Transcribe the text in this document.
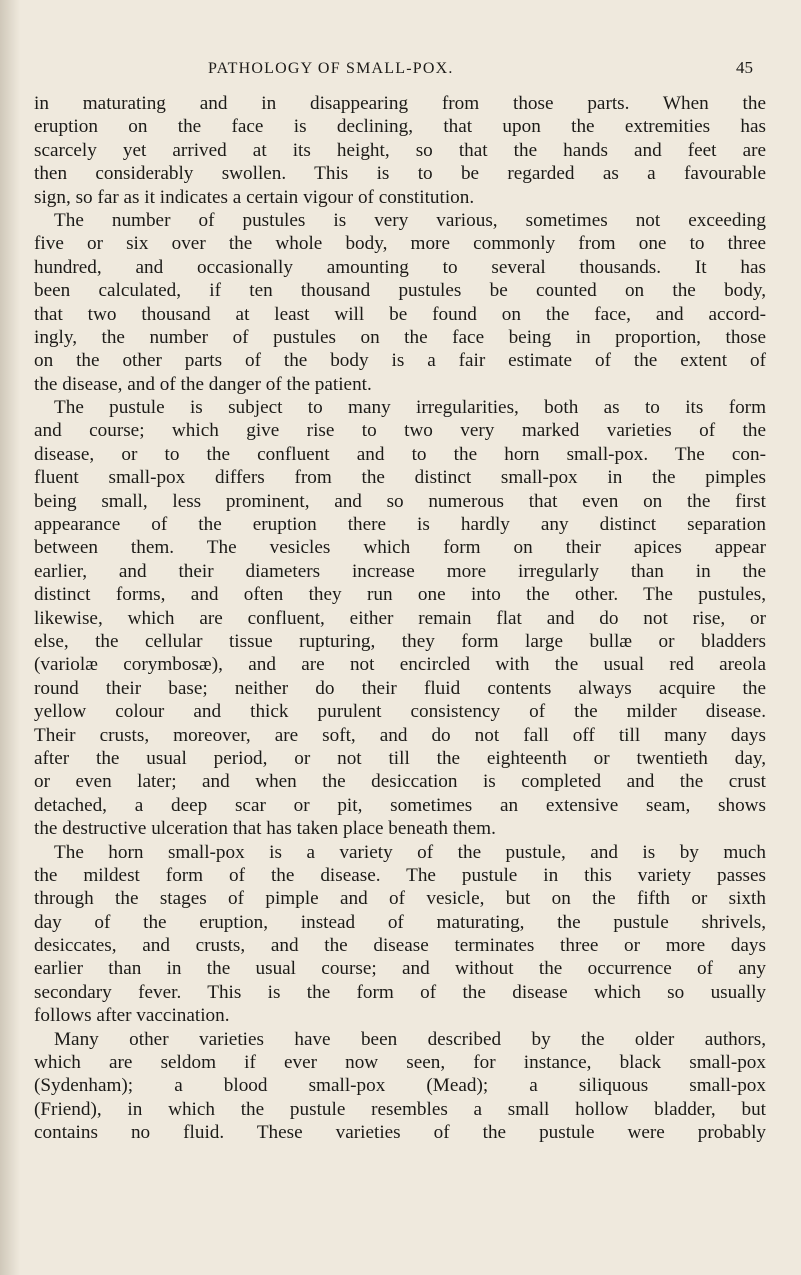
PATHOLOGY OF SMALL-POX.	45
in maturating and in disappearing from those parts. When the
eruption on the face is declining, that upon the extremities has
scarcely yet arrived at its height, so that the hands and feet are
then considerably swollen. This is to be regarded as a favourable
sign, so far as it indicates a certain vigour of constitution.
The number of pustules is very various, sometimes not exceeding
five or six over the whole body, more commonly from one to three
hundred, and occasionally amounting to several thousands. It has
been calculated, if ten thousand pustules be counted on the body,
that two thousand at least will be found on the face, and accord-
ingly, the number of pustules on the face being in proportion, those
on the other parts of the body is a fair estimate of the extent of
the disease, and of the danger of the patient.
The pustule is subject to many irregularities, both as to its form
and course; which give rise to two very marked varieties of the
disease, or to the confluent and to the horn small-pox. The con-
fluent small-pox differs from the distinct small-pox in the pimples
being small, less prominent, and so numerous that even on the first
appearance of the eruption there is hardly any distinct separation
between them. The vesicles which form on their apices appear
earlier, and their diameters increase more irregularly than in the
distinct forms, and often they run one into the other. The pustules,
likewise, which are confluent, either remain flat and do not rise, or
else, the cellular tissue rupturing, they form large bullæ or bladders
(variolæ corymbosæ), and are not encircled with the usual red areola
round their base; neither do their fluid contents always acquire the
yellow colour and thick purulent consistency of the milder disease.
Their crusts, moreover, are soft, and do not fall off till many days
after the usual period, or not till the eighteenth or twentieth day,
or even later; and when the desiccation is completed and the crust
detached, a deep scar or pit, sometimes an extensive seam, shows
the destructive ulceration that has taken place beneath them.
The horn small-pox is a variety of the pustule, and is by much
the mildest form of the disease. The pustule in this variety passes
through the stages of pimple and of vesicle, but on the fifth or sixth
day of the eruption, instead of maturating, the pustule shrivels,
desiccates, and crusts, and the disease terminates three or more days
earlier than in the usual course; and without the occurrence of any
secondary fever. This is the form of the disease which so usually
follows after vaccination.
Many other varieties have been described by the older authors,
which are seldom if ever now seen, for instance, black small-pox
(Sydenham); a blood small-pox (Mead); a siliquous small-pox
(Friend), in which the pustule resembles a small hollow bladder, but
contains no fluid. These varieties of the pustule were probably
